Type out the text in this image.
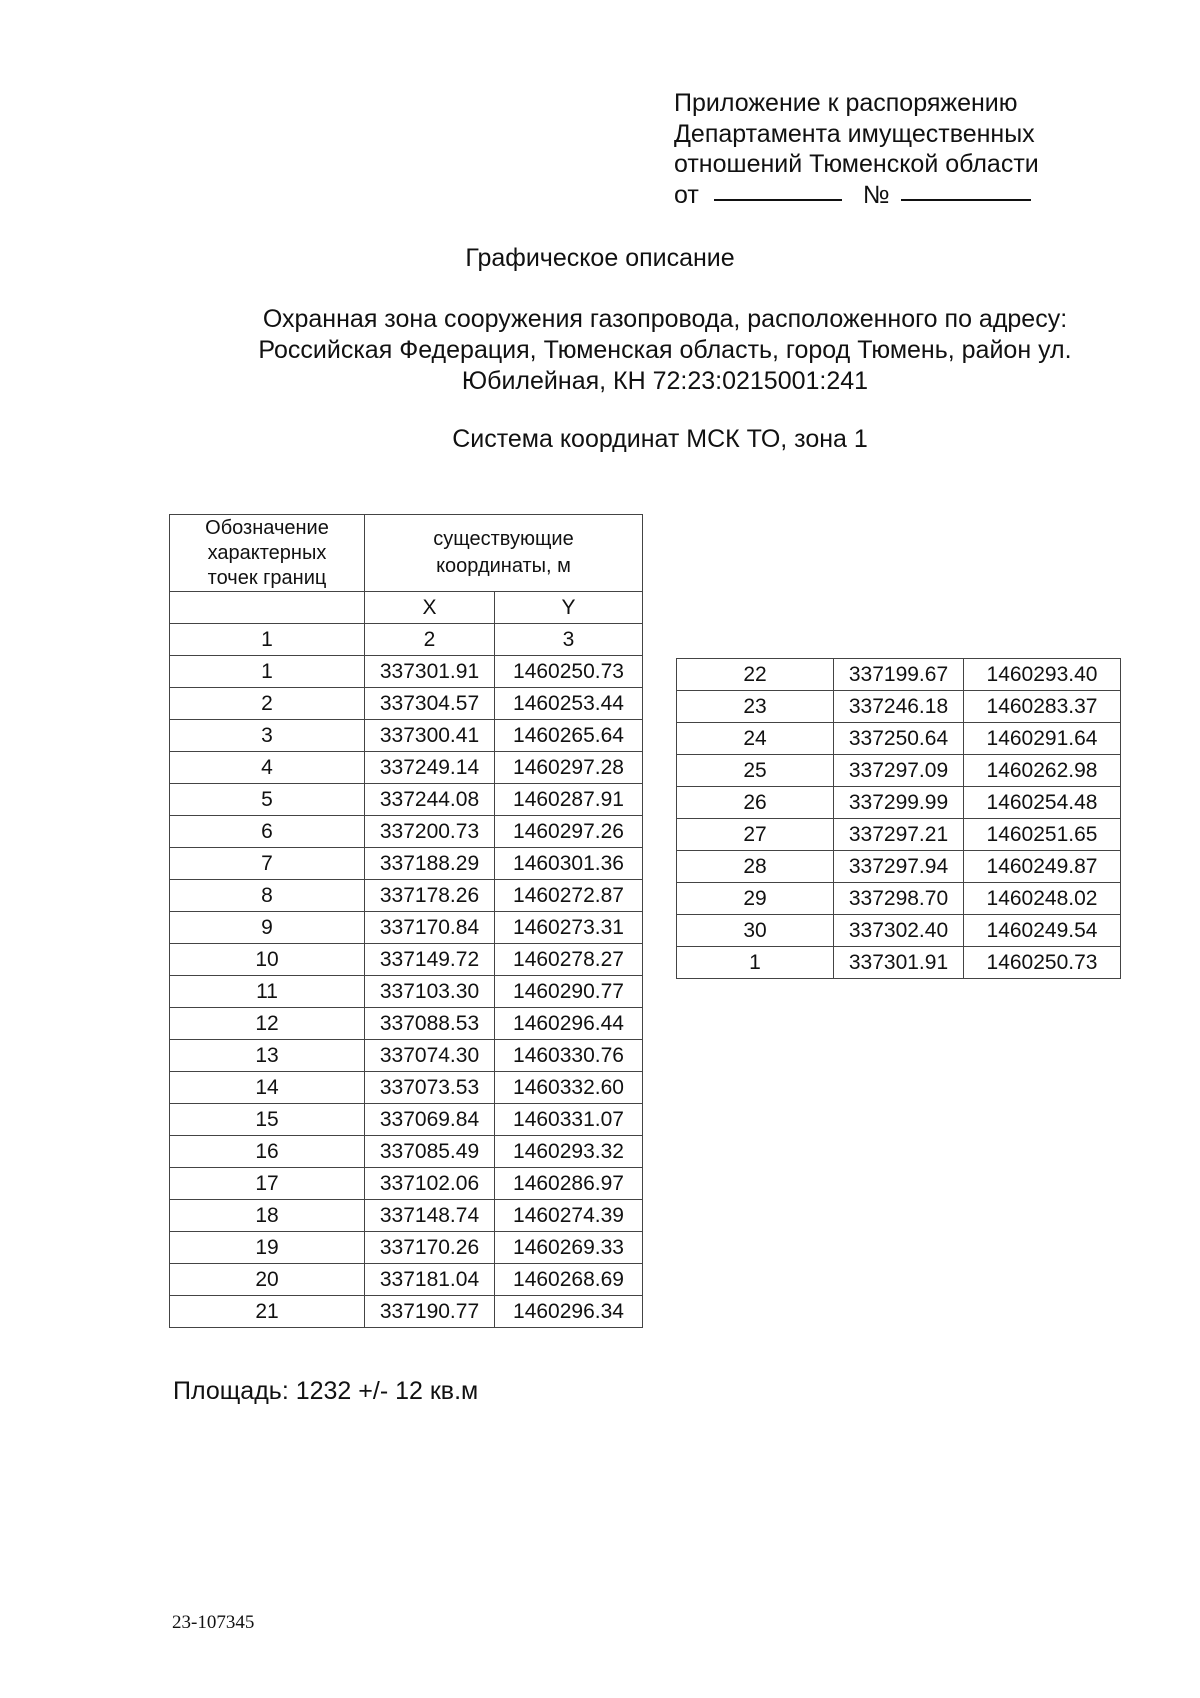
Приложение к распоряжению
Департамента имущественных
отношений Тюменской области
от	№
Графическое описание
Охранная зона сооружения газопровода, расположенного по адресу:
Российская Федерация, Тюменская область, город Тюмень, район ул.
Юбилейная, КН 72:23:0215001:241
Система координат МСК ТО, зона 1
Обозначение характерных точек границ	существующие координаты, м	

	X	Y
1	2	3
1	337301.91	1460250.73
2	337304.57	1460253.44
3	337300.41	1460265.64
4	337249.14	1460297.28
5	337244.08	1460287.91
6	337200.73	1460297.26
7	337188.29	1460301.36
8	337178.26	1460272.87
9	337170.84	1460273.31
10	337149.72	1460278.27
11	337103.30	1460290.77
12	337088.53	1460296.44
13	337074.30	1460330.76
14	337073.53	1460332.60
15	337069.84	1460331.07
16	337085.49	1460293.32
17	337102.06	1460286.97
18	337148.74	1460274.39
19	337170.26	1460269.33
20	337181.04	1460268.69
21	337190.77	1460296.34
22	337199.67	1460293.40
23	337246.18	1460283.37
24	337250.64	1460291.64
25	337297.09	1460262.98
26	337299.99	1460254.48
27	337297.21	1460251.65
28	337297.94	1460249.87
29	337298.70	1460248.02
30	337302.40	1460249.54
1	337301.91	1460250.73
Площадь: 1232 +/- 12 кв.м
23-107345
